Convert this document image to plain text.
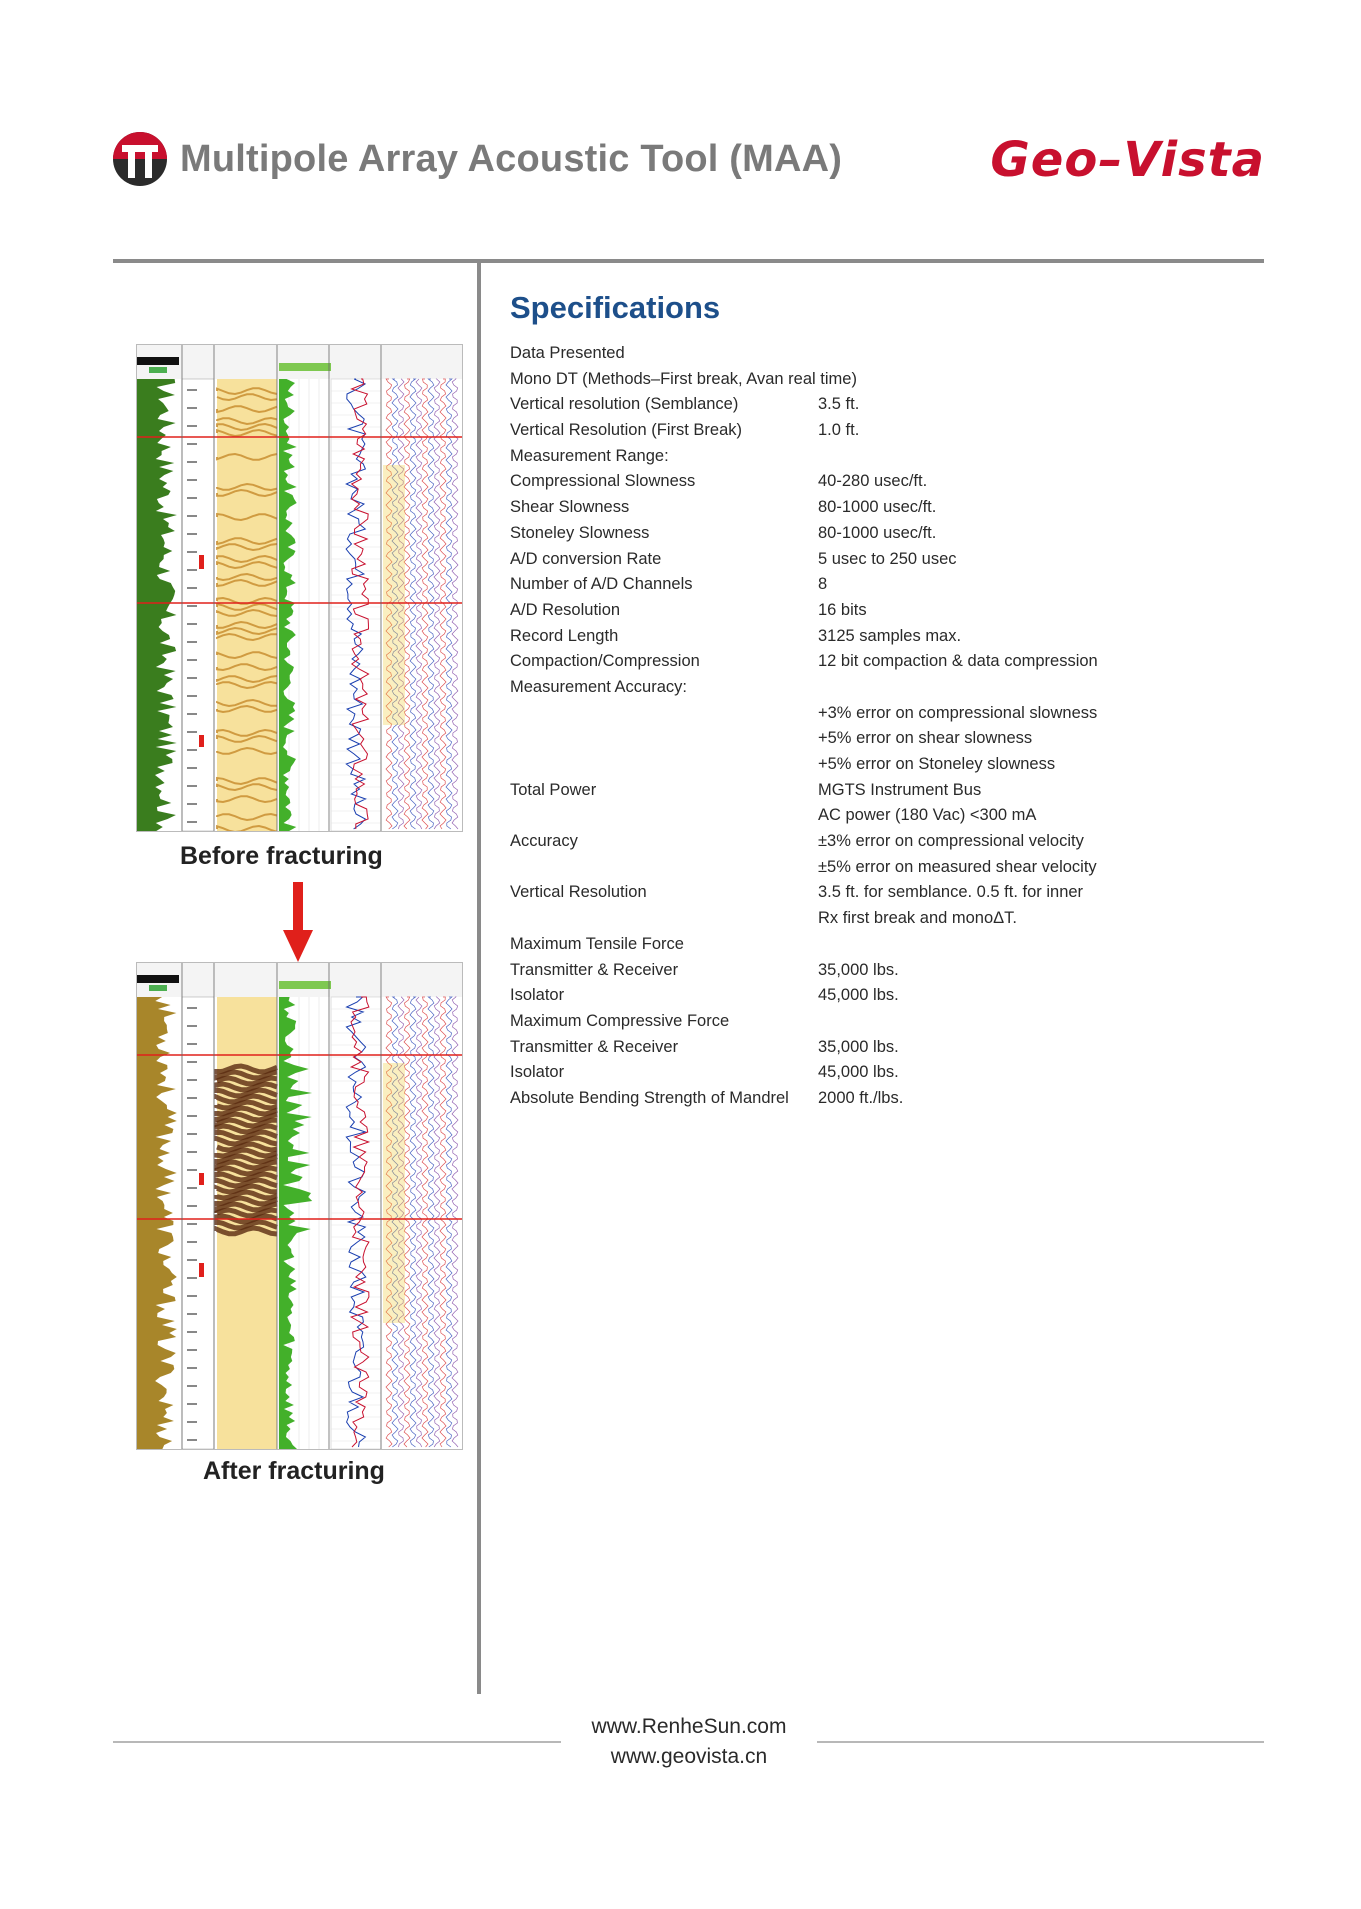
Multipole Array Acoustic Tool (MAA)	Geo–Vista
Before fracturing
After fracturing
Specifications
Data Presented
Mono DT (Methods–First break, Avan real time)
Vertical resolution (Semblance)	3.5 ft.
Vertical Resolution (First Break)	1.0 ft.
Measurement Range:
Compressional Slowness	40-280 usec/ft.
Shear Slowness	80-1000 usec/ft.
Stoneley Slowness	80-1000 usec/ft.
A/D conversion Rate	5 usec to 250 usec
Number of A/D Channels	8
A/D Resolution	16 bits
Record Length	3125 samples max.
Compaction/Compression	12 bit compaction & data compression
Measurement Accuracy:
+3% error on compressional slowness
+5% error on shear slowness
+5% error on Stoneley slowness
Total Power	MGTS Instrument Bus
AC power (180 Vac) <300 mA
Accuracy	±3% error on compressional velocity
±5% error on measured shear velocity
Vertical Resolution	3.5 ft. for semblance. 0.5 ft. for inner
Rx first break and monoΔT.
Maximum Tensile Force
Transmitter & Receiver	35,000 lbs.
Isolator	45,000 lbs.
Maximum Compressive Force
Transmitter & Receiver	35,000 lbs.
Isolator	45,000 lbs.
Absolute Bending Strength of Mandrel	2000 ft./lbs.
www.RenheSun.com
www.geovista.cn
